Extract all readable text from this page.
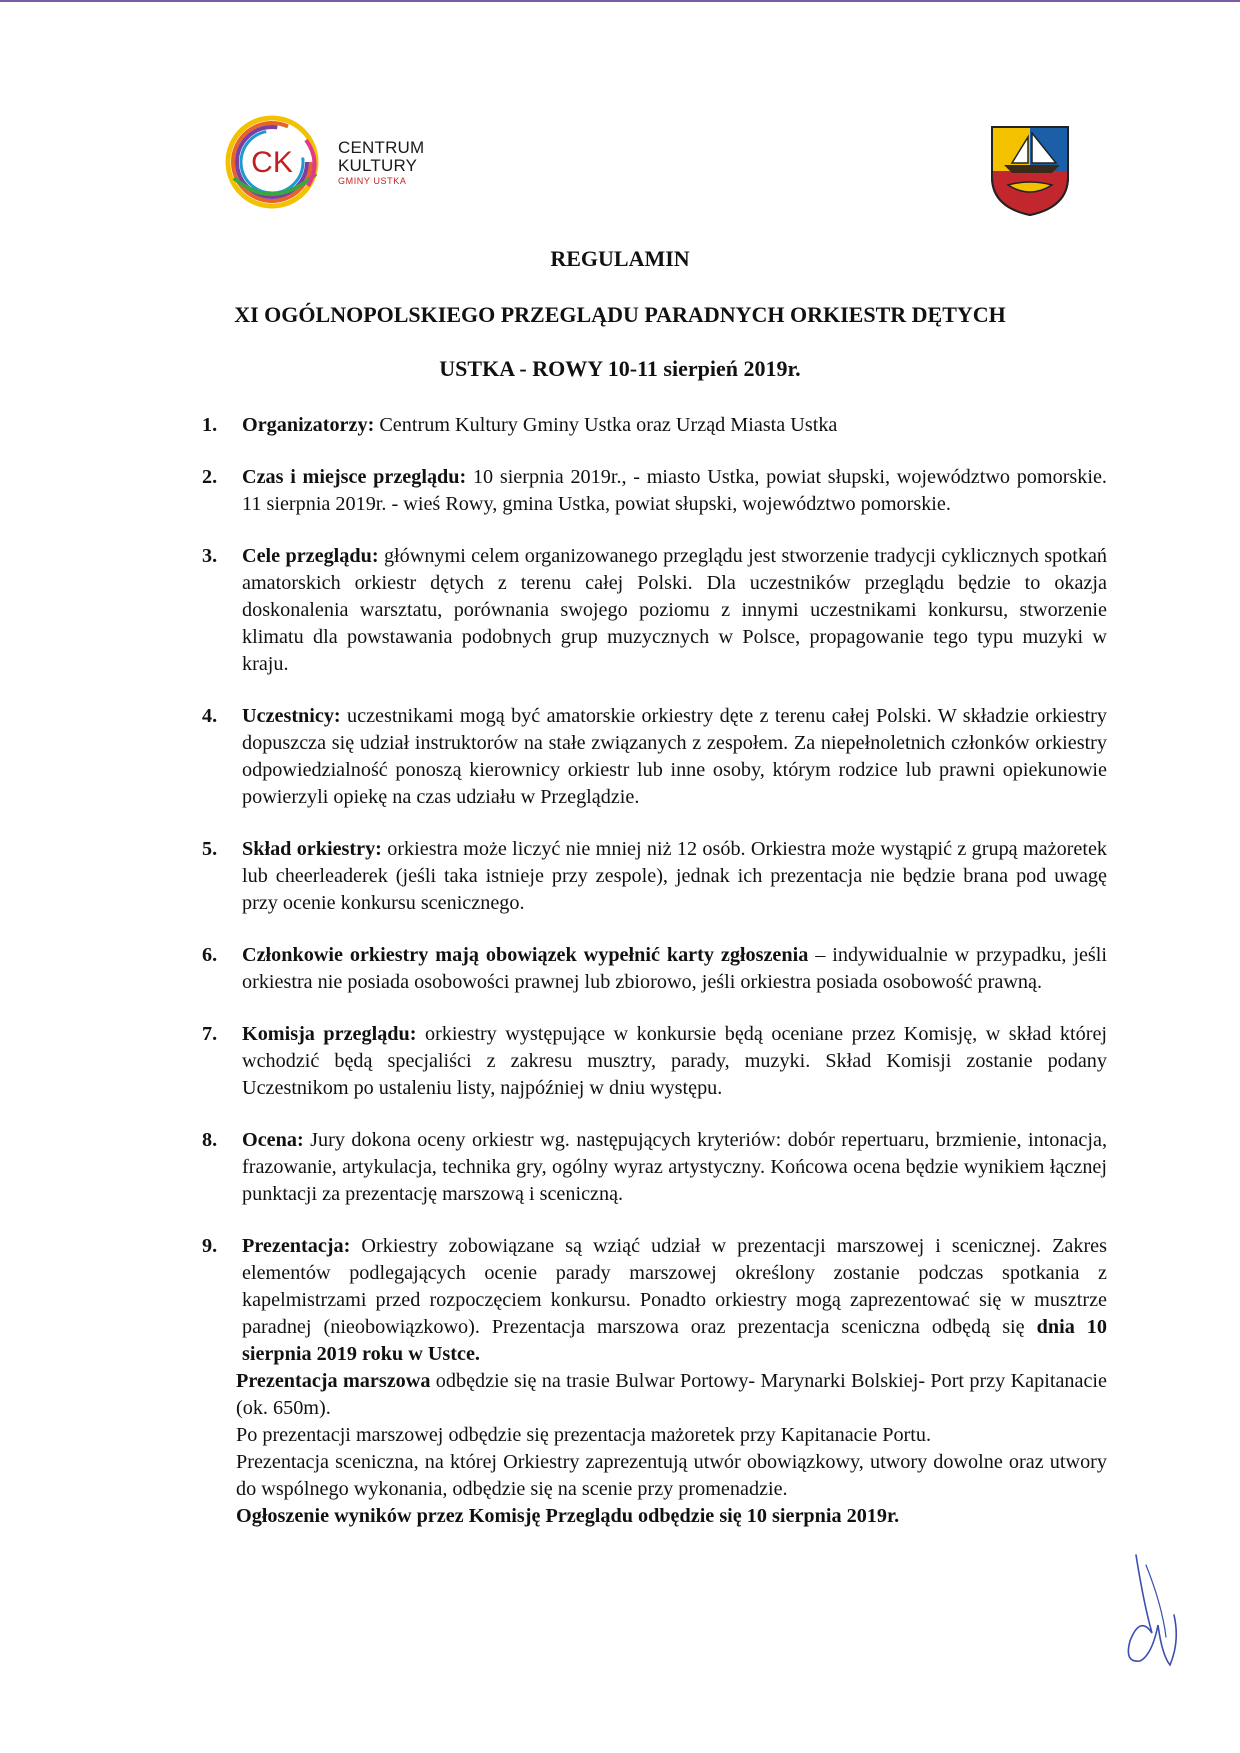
CK	CENTRUM
KULTURY
GMINY USTKA
REGULAMIN
XI OGÓLNOPOLSKIEGO PRZEGLĄDU PARADNYCH ORKIESTR DĘTYCH
USTKA - ROWY 10-11 sierpień 2019r.
1. Organizatorzy: Centrum Kultury Gminy Ustka oraz Urząd Miasta Ustka
2. Czas i miejsce przeglądu: 10 sierpnia 2019r., - miasto Ustka, powiat słupski, województwo pomorskie. 11 sierpnia 2019r. - wieś Rowy, gmina Ustka, powiat słupski, województwo pomorskie.
3. Cele przeglądu: głównymi celem organizowanego przeglądu jest stworzenie tradycji cyklicznych spotkań amatorskich orkiestr dętych z terenu całej Polski. Dla uczestników przeglądu będzie to okazja doskonalenia warsztatu, porównania swojego poziomu z innymi uczestnikami konkursu, stworzenie klimatu dla powstawania podobnych grup muzycznych w Polsce, propagowanie tego typu muzyki w kraju.
4. Uczestnicy: uczestnikami mogą być amatorskie orkiestry dęte z terenu całej Polski. W składzie orkiestry dopuszcza się udział instruktorów na stałe związanych z zespołem. Za niepełnoletnich członków orkiestry odpowiedzialność ponoszą kierownicy orkiestr lub inne osoby, którym rodzice lub prawni opiekunowie powierzyli opiekę na czas udziału w Przeglądzie.
5. Skład orkiestry: orkiestra może liczyć nie mniej niż 12 osób. Orkiestra może wystąpić z grupą mażoretek lub cheerleaderek (jeśli taka istnieje przy zespole), jednak ich prezentacja nie będzie brana pod uwagę przy ocenie konkursu scenicznego.
6. Członkowie orkiestry mają obowiązek wypełnić karty zgłoszenia – indywidualnie w przypadku, jeśli orkiestra nie posiada osobowości prawnej lub zbiorowo, jeśli orkiestra posiada osobowość prawną.
7. Komisja przeglądu: orkiestry występujące w konkursie będą oceniane przez Komisję, w skład której wchodzić będą specjaliści z zakresu musztry, parady, muzyki. Skład Komisji zostanie podany Uczestnikom po ustaleniu listy, najpóźniej w dniu występu.
8. Ocena: Jury dokona oceny orkiestr wg. następujących kryteriów: dobór repertuaru, brzmienie, intonacja, frazowanie, artykulacja, technika gry, ogólny wyraz artystyczny. Końcowa ocena będzie wynikiem łącznej punktacji za prezentację marszową i sceniczną.
9. Prezentacja: Orkiestry zobowiązane są wziąć udział w prezentacji marszowej i scenicznej. Zakres elementów podlegających ocenie parady marszowej określony zostanie podczas spotkania z kapelmistrzami przed rozpoczęciem konkursu. Ponadto orkiestry mogą zaprezentować się w musztrze paradnej (nieobowiązkowo). Prezentacja marszowa oraz prezentacja sceniczna odbędą się dnia 10 sierpnia 2019 roku w Ustce.

Prezentacja marszowa odbędzie się na trasie Bulwar Portowy- Marynarki Bolskiej- Port przy Kapitanacie (ok. 650m).

Po prezentacji marszowej odbędzie się prezentacja mażoretek przy Kapitanacie Portu.

Prezentacja sceniczna, na której Orkiestry zaprezentują utwór obowiązkowy, utwory dowolne oraz utwory do wspólnego wykonania, odbędzie się na scenie przy promenadzie.

Ogłoszenie wyników przez Komisję Przeglądu odbędzie się 10 sierpnia 2019r.
